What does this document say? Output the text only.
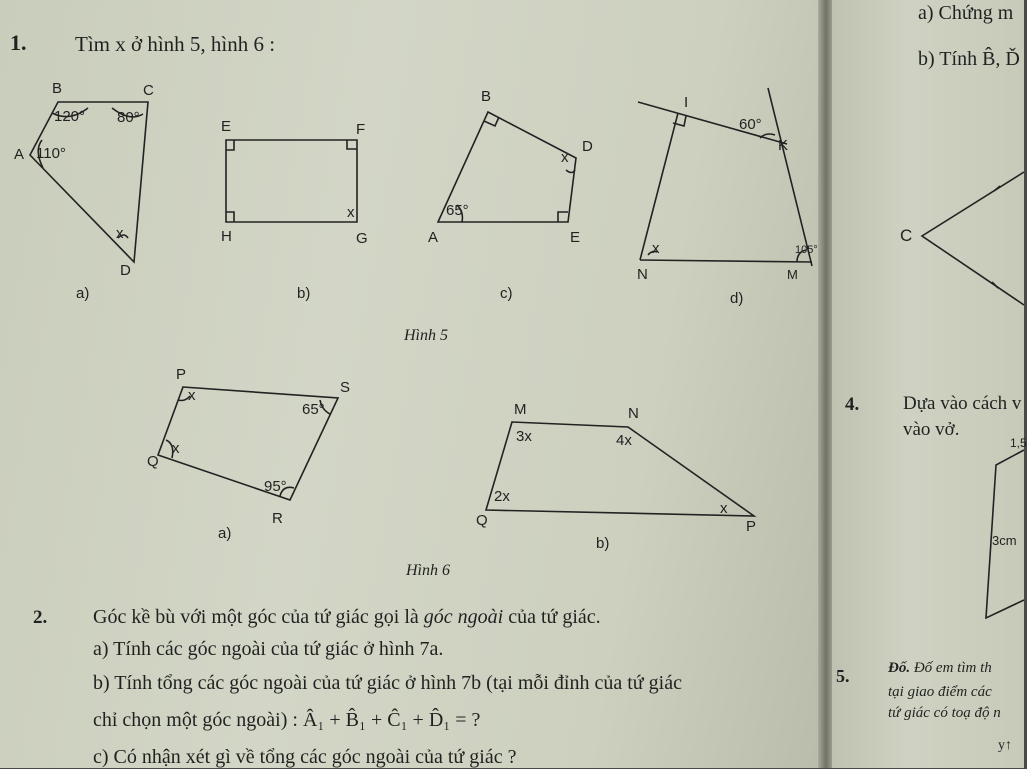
1. Tìm x ở hình 5, hình 6 :
B	C
A
D
120° 80°
110°
x
a)
E	F
H	G
x
b)
B
D
A	E
65°
x
c)
I
K
N	M
60°
105°
x
d)
Hình 5
P
S
Q
R
x
x
65°
95°
a)
M	N
Q	P
3x	4x
2x
x
b)
Hình 6
2. Góc kề bù với một góc của tứ giác gọi là góc ngoài của tứ giác.
a) Tính các góc ngoài của tứ giác ở hình 7a.
b) Tính tổng các góc ngoài của tứ giác ở hình 7b (tại mỗi đỉnh của tứ giác
chỉ chọn một góc ngoài) : Â₁ + B̂₁ + Ĉ₁ + D̂₁ = ?
c) Có nhận xét gì về tổng các góc ngoài của tứ giác ?
a) Chứng m
b) Tính B̂, Ď
C
4. Dựa vào cách v
vào vở.
1,5
3cm
5.	Đố. Đố em tìm th
tại giao điểm các
tứ giác có toạ độ n
y↑
